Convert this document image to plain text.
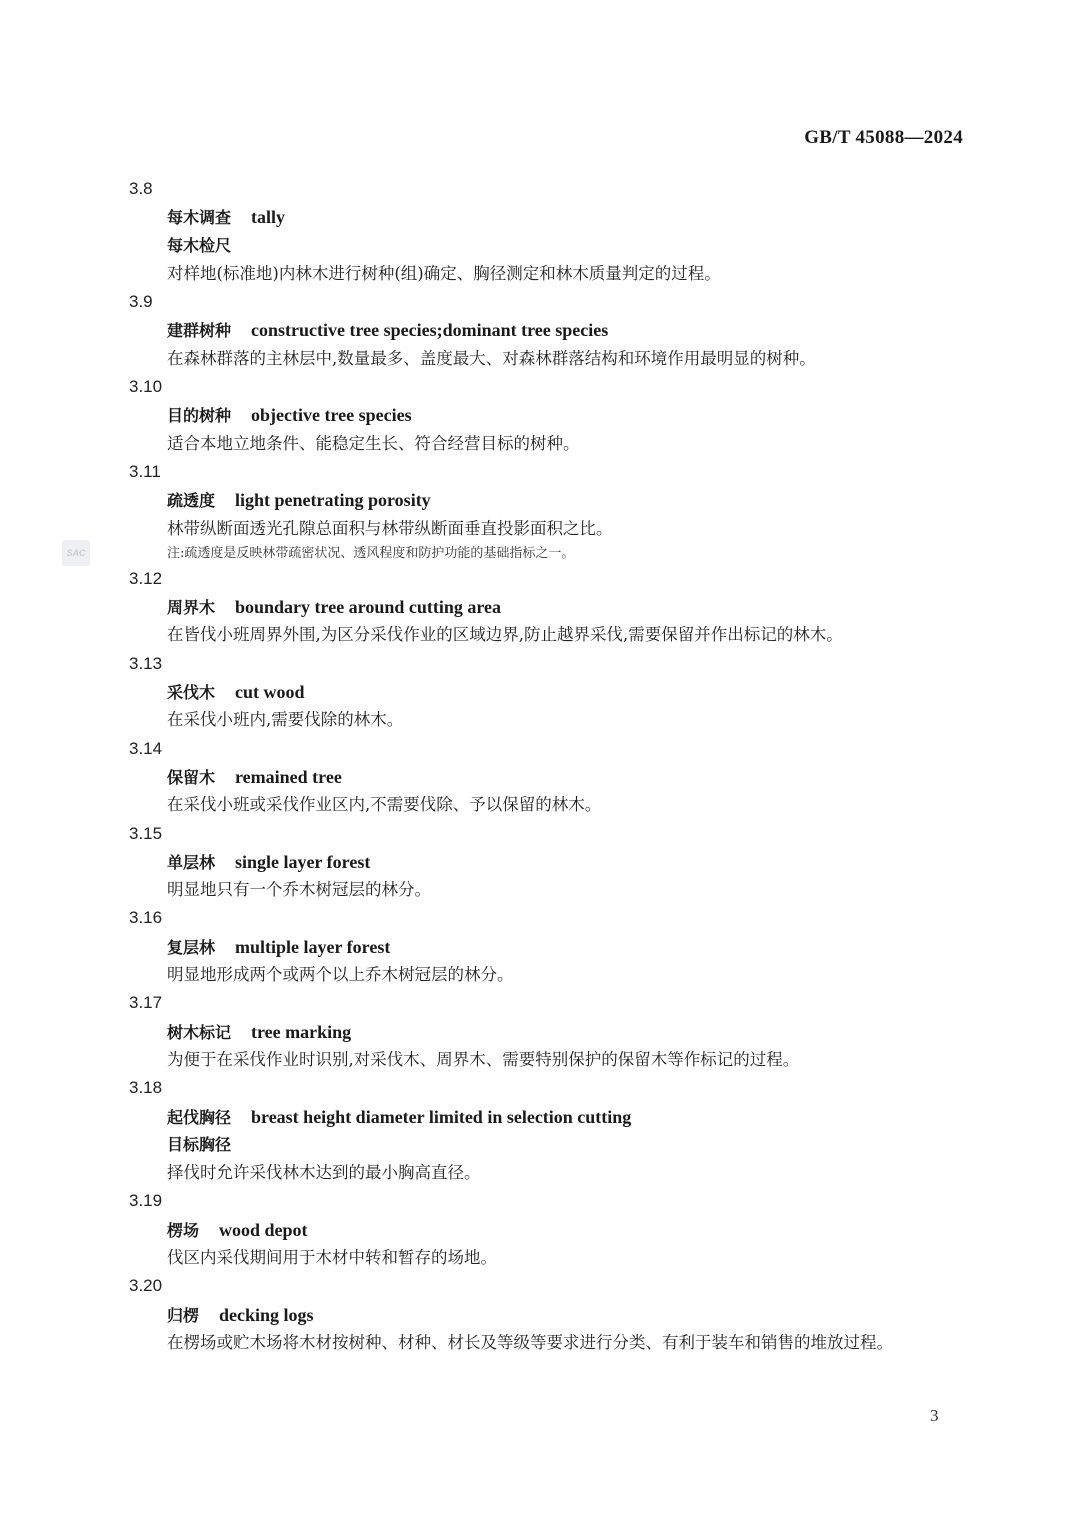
GB/T 45088—2024
SAC
3.8
每木调查 tally
每木检尺
对样地(标准地)内林木进行树种(组)确定、胸径测定和林木质量判定的过程。
3.9
建群树种 constructive tree species;dominant tree species
在森林群落的主林层中,数量最多、盖度最大、对森林群落结构和环境作用最明显的树种。
3.10
目的树种 objective tree species
适合本地立地条件、能稳定生长、符合经营目标的树种。
3.11
疏透度 light penetrating porosity
林带纵断面透光孔隙总面积与林带纵断面垂直投影面积之比。
注:疏透度是反映林带疏密状况、透风程度和防护功能的基础指标之一。
3.12
周界木 boundary tree around cutting area
在皆伐小班周界外围,为区分采伐作业的区域边界,防止越界采伐,需要保留并作出标记的林木。
3.13
采伐木 cut wood
在采伐小班内,需要伐除的林木。
3.14
保留木 remained tree
在采伐小班或采伐作业区内,不需要伐除、予以保留的林木。
3.15
单层林 single layer forest
明显地只有一个乔木树冠层的林分。
3.16
复层林 multiple layer forest
明显地形成两个或两个以上乔木树冠层的林分。
3.17
树木标记 tree marking
为便于在采伐作业时识别,对采伐木、周界木、需要特别保护的保留木等作标记的过程。
3.18
起伐胸径 breast height diameter limited in selection cutting
目标胸径
择伐时允许采伐林木达到的最小胸高直径。
3.19
楞场 wood depot
伐区内采伐期间用于木材中转和暂存的场地。
3.20
归楞 decking logs
在楞场或贮木场将木材按树种、材种、材长及等级等要求进行分类、有利于装车和销售的堆放过程。
3
